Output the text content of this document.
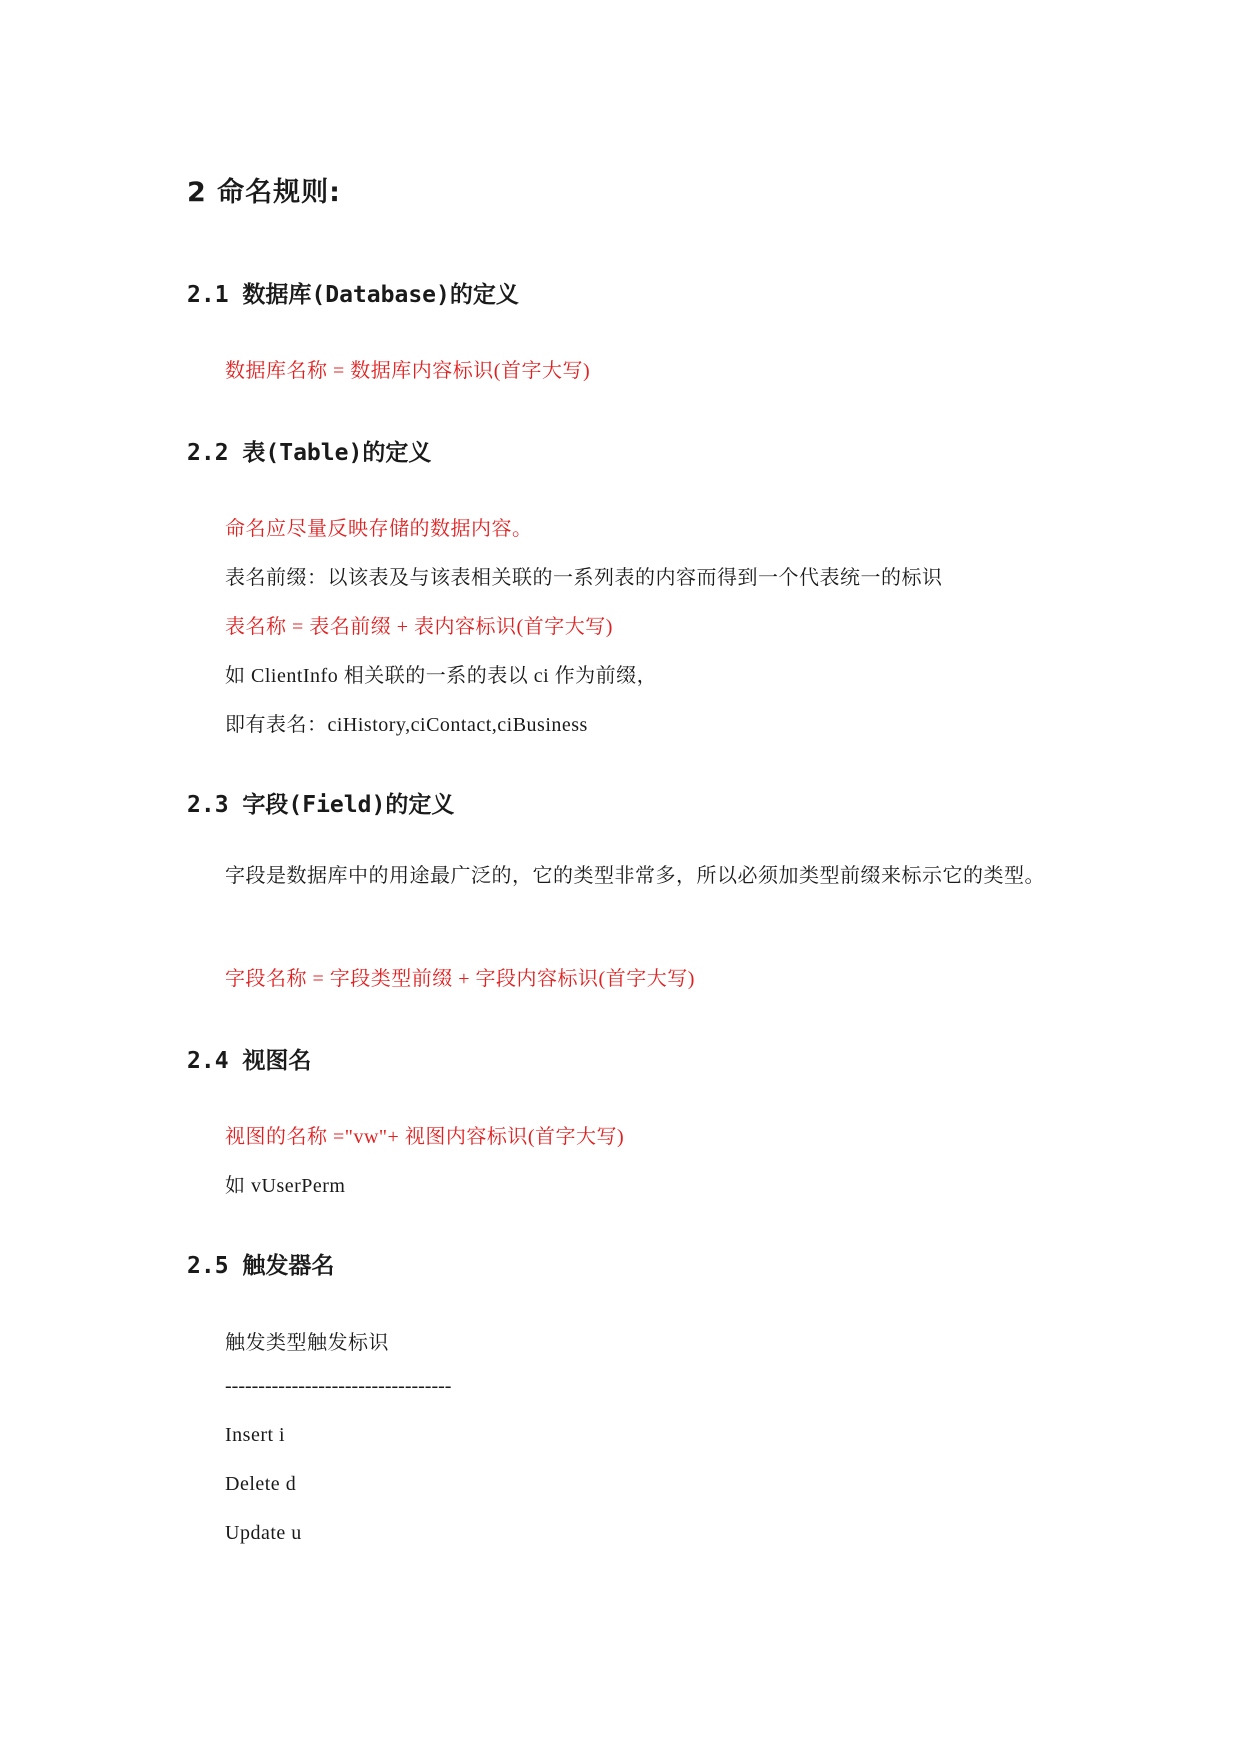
2 命名规则:
2.1 数据库(Database)的定义
数据库名称 = 数据库内容标识(首字大写)
2.2 表(Table)的定义
命名应尽量反映存储的数据内容。
表名前缀：以该表及与该表相关联的一系列表的内容而得到一个代表统一的标识
表名称 = 表名前缀 + 表内容标识(首字大写)
如 ClientInfo 相关联的一系的表以 ci 作为前缀，
即有表名：ciHistory,ciContact,ciBusiness
2.3 字段(Field)的定义
字段是数据库中的用途最广泛的，它的类型非常多，所以必须加类型前缀来标示它的类型。
字段名称 = 字段类型前缀 + 字段内容标识(首字大写)
2.4 视图名
视图的名称 ="vw"+ 视图内容标识(首字大写)
如 vUserPerm
2.5 触发器名
触发类型触发标识
----------------------------------
Insert i
Delete d
Update u
